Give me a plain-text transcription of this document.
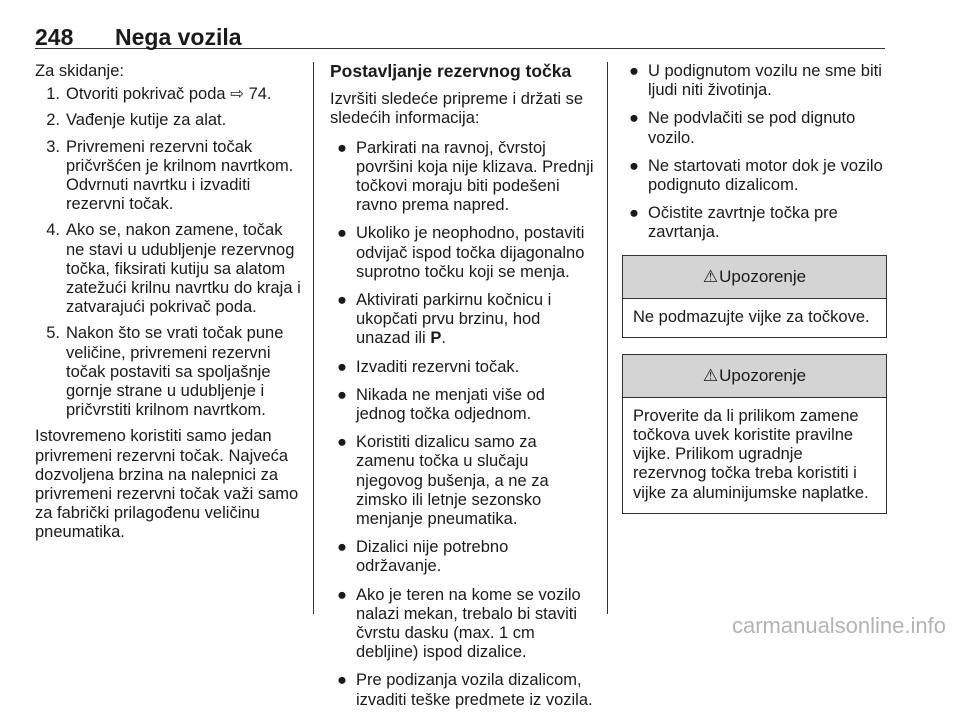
248 Nega vozila

Za skidanje:

1. Otvoriti pokrivač poda ⇨ 74.
2. Vađenje kutije za alat.
3. Privremeni rezervni točak pričvršćen je krilnom navrtkom. Odvrnuti navrtku i izvaditi rezervni točak.
4. Ako se, nakon zamene, točak ne stavi u udubljenje rezervnog točka, fiksirati kutiju sa alatom zatežući krilnu navrtku do kraja i zatvarajući pokrivač poda.
5. Nakon što se vrati točak pune veličine, privremeni rezervni točak postaviti sa spoljašnje gornje strane u udubljenje i pričvrstiti krilnom navrtkom.

Istovremeno koristiti samo jedan privremeni rezervni točak. Najveća dozvoljena brzina na nalepnici za privremeni rezervni točak važi samo za fabrički prilagođenu veličinu pneumatika.

Postavljanje rezervnog točka

Izvršiti sledeće pripreme i držati se sledećih informacija:

● Parkirati na ravnoj, čvrstoj površini koja nije klizava. Prednji točkovi moraju biti podešeni ravno prema napred.
● Ukoliko je neophodno, postaviti odvijač ispod točka dijagonalno suprotno točku koji se menja.
● Aktivirati parkirnu kočnicu i ukopčati prvu brzinu, hod unazad ili P.
● Izvaditi rezervni točak.
● Nikada ne menjati više od jednog točka odjednom.
● Koristiti dizalicu samo za zamenu točka u slučaju njegovog bušenja, a ne za zimsko ili letnje sezonsko menjanje pneumatika.
● Dizalici nije potrebno održavanje.
● Ako je teren na kome se vozilo nalazi mekan, trebalo bi staviti čvrstu dasku (max. 1 cm debljine) ispod dizalice.
● Pre podizanja vozila dizalicom, izvaditi teške predmete iz vozila.
● U podignutom vozilu ne sme biti ljudi niti životinja.
● Ne podvlačiti se pod dignuto vozilo.
● Ne startovati motor dok je vozilo podignuto dizalicom.
● Očistite zavrtnje točka pre zavrtanja.
⚠ Upozorenje
Ne podmazujte vijke za točkove.
⚠ Upozorenje
Proverite da li prilikom zamene točkova uvek koristite pravilne vijke. Prilikom ugradnje rezervnog točka treba koristiti i vijke za aluminijumske naplatke.
carmanualsonline.info
